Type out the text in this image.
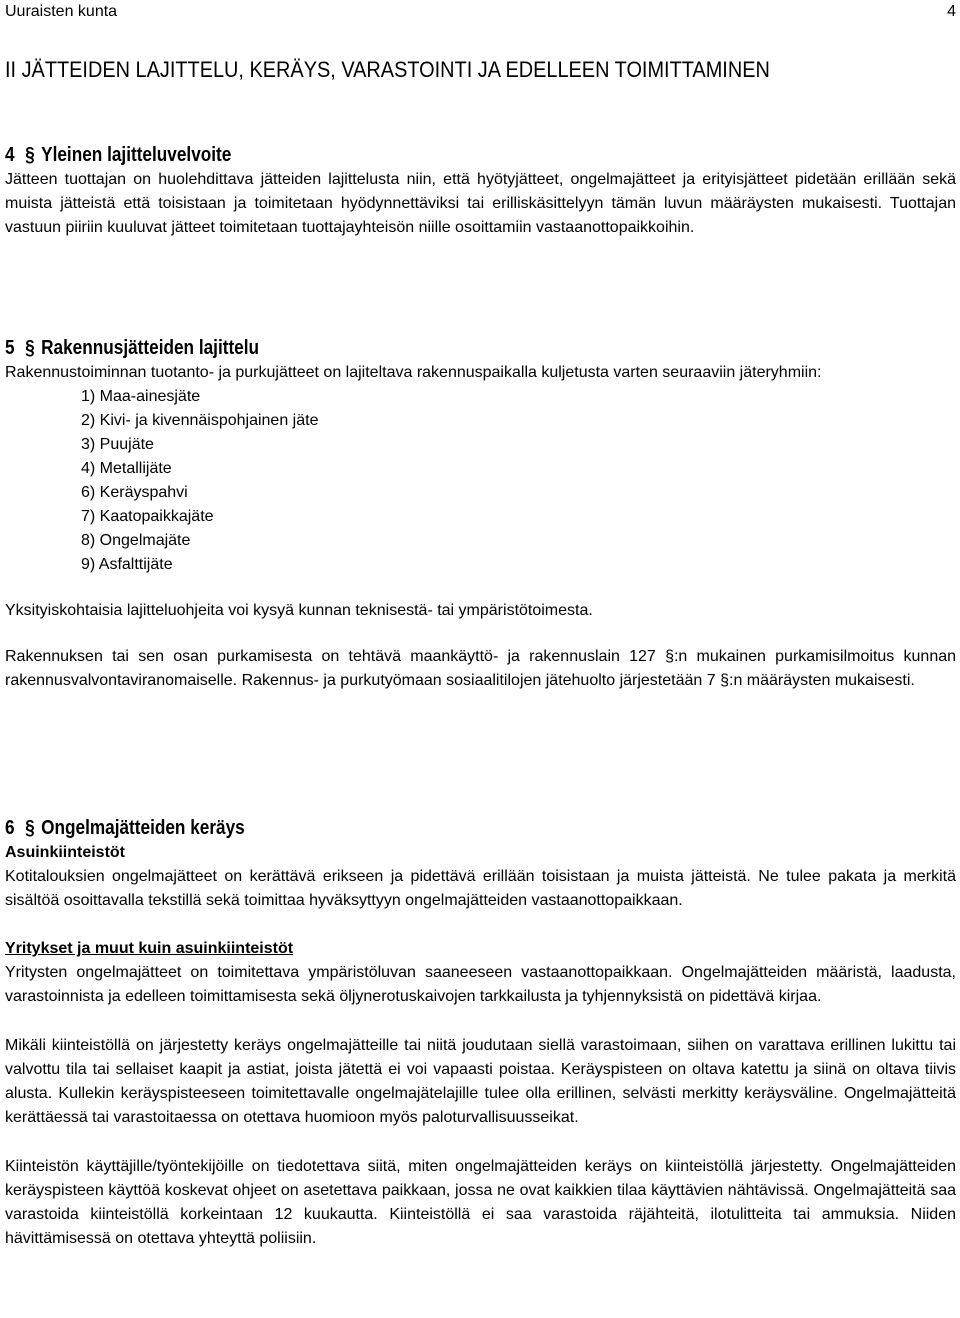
Uuraisten kunta	4
II JÄTTEIDEN LAJITTELU, KERÄYS, VARASTOINTI JA EDELLEEN TOIMITTAMINEN
4 § Yleinen lajitteluvelvoite

Jätteen tuottajan on huolehdittava jätteiden lajittelusta niin, että hyötyjätteet, ongelmajätteet ja erityisjätteet pidetään erillään sekä muista jätteistä että toisistaan ja toimitetaan hyödynnettäviksi tai erilliskäsittelyyn tämän luvun määräysten mukaisesti. Tuottajan vastuun piiriin kuuluvat jätteet toimitetaan tuottajayhteisön niille osoittamiin vastaanottopaikkoihin.

5 § Rakennusjätteiden lajittelu

Rakennustoiminnan tuotanto- ja purkujätteet on lajiteltava rakennuspaikalla kuljetusta varten seuraaviin jäteryhmiin:

1) Maa-ainesjäte
2) Kivi- ja kivennäispohjainen jäte
3) Puujäte
4) Metallijäte
6) Keräyspahvi
7) Kaatopaikkajäte
8) Ongelmajäte
9) Asfalttijäte

Yksityiskohtaisia lajitteluohjeita voi kysyä kunnan teknisestä- tai ympäristötoimesta.

Rakennuksen tai sen osan purkamisesta on tehtävä maankäyttö- ja rakennuslain 127 §:n mukainen purkamisilmoitus kunnan rakennusvalvontaviranomaiselle. Rakennus- ja purkutyömaan sosiaalitilojen jätehuolto järjestetään 7 §:n määräysten mukaisesti.

6 § Ongelmajätteiden keräys
Asuinkiinteistöt

Kotitalouksien ongelmajätteet on kerättävä erikseen ja pidettävä erillään toisistaan ja muista jätteistä. Ne tulee pakata ja merkitä sisältöä osoittavalla tekstillä sekä toimittaa hyväksyttyyn ongelmajätteiden vastaanottopaikkaan.

Yritykset ja muut kuin asuinkiinteistöt

Yritysten ongelmajätteet on toimitettava ympäristöluvan saaneeseen vastaanottopaikkaan. Ongelmajätteiden määristä, laadusta, varastoinnista ja edelleen toimittamisesta sekä öljynerotuskaivojen tarkkailusta ja tyhjennyksistä on pidettävä kirjaa.

Mikäli kiinteistöllä on järjestetty keräys ongelmajätteille tai niitä joudutaan siellä varastoimaan, siihen on varattava erillinen lukittu tai valvottu tila tai sellaiset kaapit ja astiat, joista jätettä ei voi vapaasti poistaa. Keräyspisteen on oltava katettu ja siinä on oltava tiivis alusta. Kullekin keräyspisteeseen toimitettavalle ongelmajätelajille tulee olla erillinen, selvästi merkitty keräysväline. Ongelmajätteitä kerättäessä tai varastoitaessa on otettava huomioon myös paloturvallisuusseikat.

Kiinteistön käyttäjille/työntekijöille on tiedotettava siitä, miten ongelmajätteiden keräys on kiinteistöllä järjestetty. Ongelmajätteiden keräyspisteen käyttöä koskevat ohjeet on asetettava paikkaan, jossa ne ovat kaikkien tilaa käyttävien nähtävissä. Ongelmajätteitä saa varastoida kiinteistöllä korkeintaan 12 kuukautta. Kiinteistöllä ei saa varastoida räjähteitä, ilotulitteita tai ammuksia. Niiden hävittämisessä on otettava yhteyttä poliisiin.
